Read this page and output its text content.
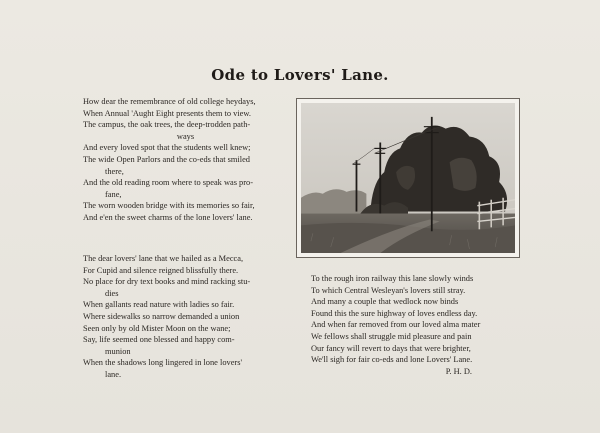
Ode to Lovers' Lane.
How dear the remembrance of old college heydays,
When Annual 'Aught Eight presents them to view.
The campus, the oak trees, the deep-trodden path-
ways
And every loved spot that the students well knew;
The wide Open Parlors and the co-eds that smiled
there,
And the old reading room where to speak was pro-
fane,
The worn wooden bridge with its memories so fair,
And e'en the sweet charms of the lone lovers' lane.
The dear lovers' lane that we hailed as a Mecca,
For Cupid and silence reigned blissfully there.
No place for dry text books and mind racking stu-
dies
When gallants read nature with ladies so fair.
Where sidewalks so narrow demanded a union
Seen only by old Mister Moon on the wane;
Say, life seemed one blessed and happy com-
munion
When the shadows long lingered in lone lovers'
lane.
To the rough iron railway this lane slowly winds
To which Central Wesleyan's lovers still stray.
And many a couple that wedlock now binds
Found this the sure highway of loves endless day.
And when far removed from our loved alma mater
We fellows shall struggle mid pleasure and pain
Our fancy will revert to days that were brighter,
We'll sigh for fair co-eds and lone Lovers' Lane.
P. H. D.
